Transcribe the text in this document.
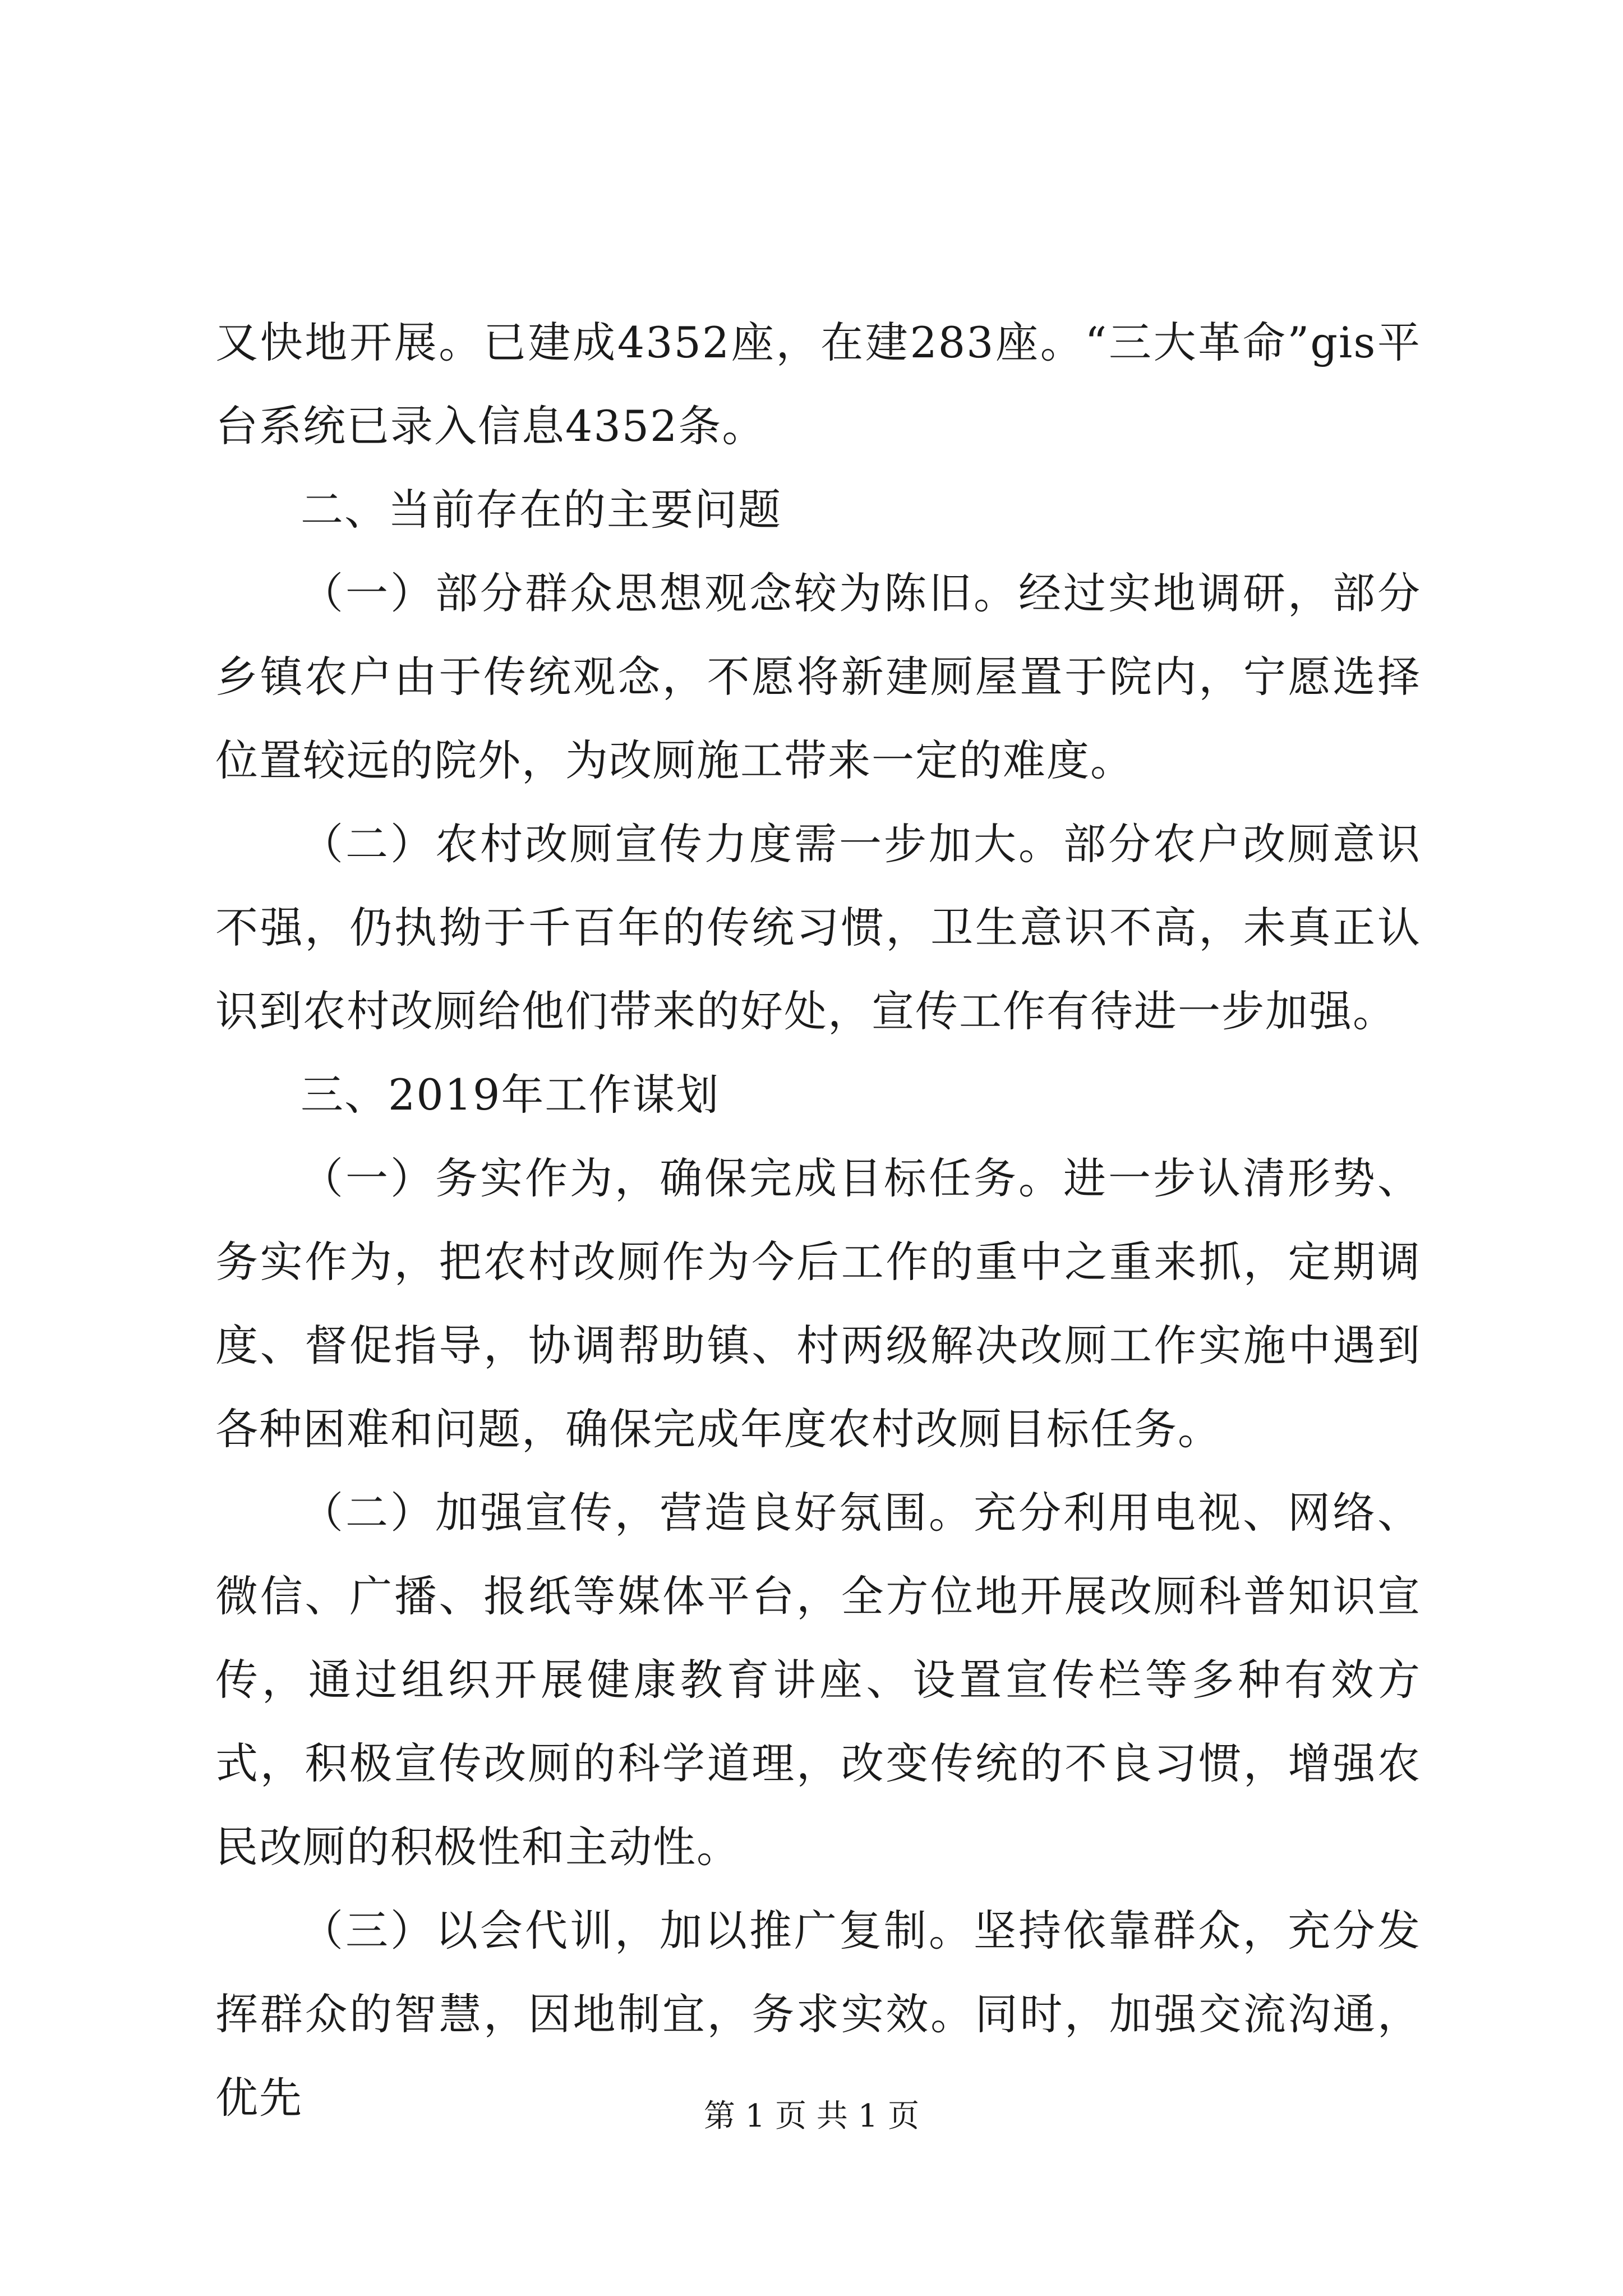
又快地开展。已建成4352座，在建283座。“三大革命”gis平台系统已录入信息4352条。

二、当前存在的主要问题

（一）部分群众思想观念较为陈旧。经过实地调研，部分乡镇农户由于传统观念，不愿将新建厕屋置于院内，宁愿选择位置较远的院外，为改厕施工带来一定的难度。

（二）农村改厕宣传力度需一步加大。部分农户改厕意识不强，仍执拗于千百年的传统习惯，卫生意识不高，未真正认识到农村改厕给他们带来的好处，宣传工作有待进一步加强。

三、2019年工作谋划

（一）务实作为，确保完成目标任务。进一步认清形势、务实作为，把农村改厕作为今后工作的重中之重来抓，定期调度、督促指导，协调帮助镇、村两级解决改厕工作实施中遇到各种困难和问题，确保完成年度农村改厕目标任务。

（二）加强宣传，营造良好氛围。充分利用电视、网络、微信、广播、报纸等媒体平台，全方位地开展改厕科普知识宣传，通过组织开展健康教育讲座、设置宣传栏等多种有效方式，积极宣传改厕的科学道理，改变传统的不良习惯，增强农民改厕的积极性和主动性。

（三）以会代训，加以推广复制。坚持依靠群众，充分发挥群众的智慧，因地制宜，务求实效。同时，加强交流沟通，优先	第 1 页 共 1 页
